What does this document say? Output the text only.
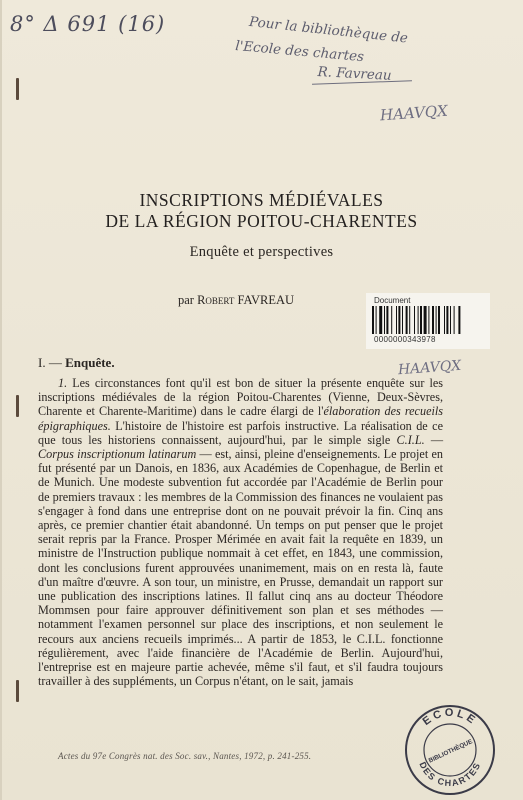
8° Δ 691 (16)	Pour la bibliothèque de
l'Ecole des chartes
R. Favreau
HAAVQX
INSCRIPTIONS MÉDIÉVALES
DE LA RÉGION POITOU-CHARENTES
Enquête et perspectives
par Robert FAVREAU	Document
0000000343978
HAAVQX
I. — Enquête.

1. Les circonstances font qu'il est bon de situer la présente enquête sur les inscriptions médiévales de la région Poitou-Charentes (Vienne, Deux-Sèvres, Charente et Charente-Maritime) dans le cadre élargi de l'élaboration des recueils épigraphiques. L'histoire de l'histoire est parfois instructive. La réalisation de ce que tous les historiens connaissent, aujourd'hui, par le simple sigle C.I.L. — Corpus inscriptionum latinarum — est, ainsi, pleine d'enseignements. Le projet en fut présenté par un Danois, en 1836, aux Académies de Copenhague, de Berlin et de Munich. Une modeste subvention fut accordée par l'Académie de Berlin pour de premiers travaux : les membres de la Commission des finances ne voulaient pas s'engager à fond dans une entreprise dont on ne pouvait prévoir la fin. Cinq ans après, ce premier chantier était abandonné. Un temps on put penser que le projet serait repris par la France. Prosper Mérimée en avait fait la requête en 1839, un ministre de l'Instruction publique nommait à cet effet, en 1843, une commission, dont les conclusions furent approuvées unanimement, mais on en resta là, faute d'un maître d'œuvre. A son tour, un ministre, en Prusse, demandait un rapport sur une publication des inscriptions latines. Il fallut cinq ans au docteur Théodore Mommsen pour faire approuver définitivement son plan et ses méthodes — notamment l'examen personnel sur place des inscriptions, et non seulement le recours aux anciens recueils imprimés... A partir de 1853, le C.I.L. fonctionne régulièrement, avec l'aide financière de l'Académie de Berlin. Aujourd'hui, l'entreprise est en majeure partie achevée, même s'il faut, et s'il faudra toujours travailler à des suppléments, un Corpus n'étant, on le sait, jamais

Actes du 97e Congrès nat. des Soc. sav., Nantes, 1972, p. 241-255.
ECOLE
BIBLIOTHÈQUE
DES CHARTES
